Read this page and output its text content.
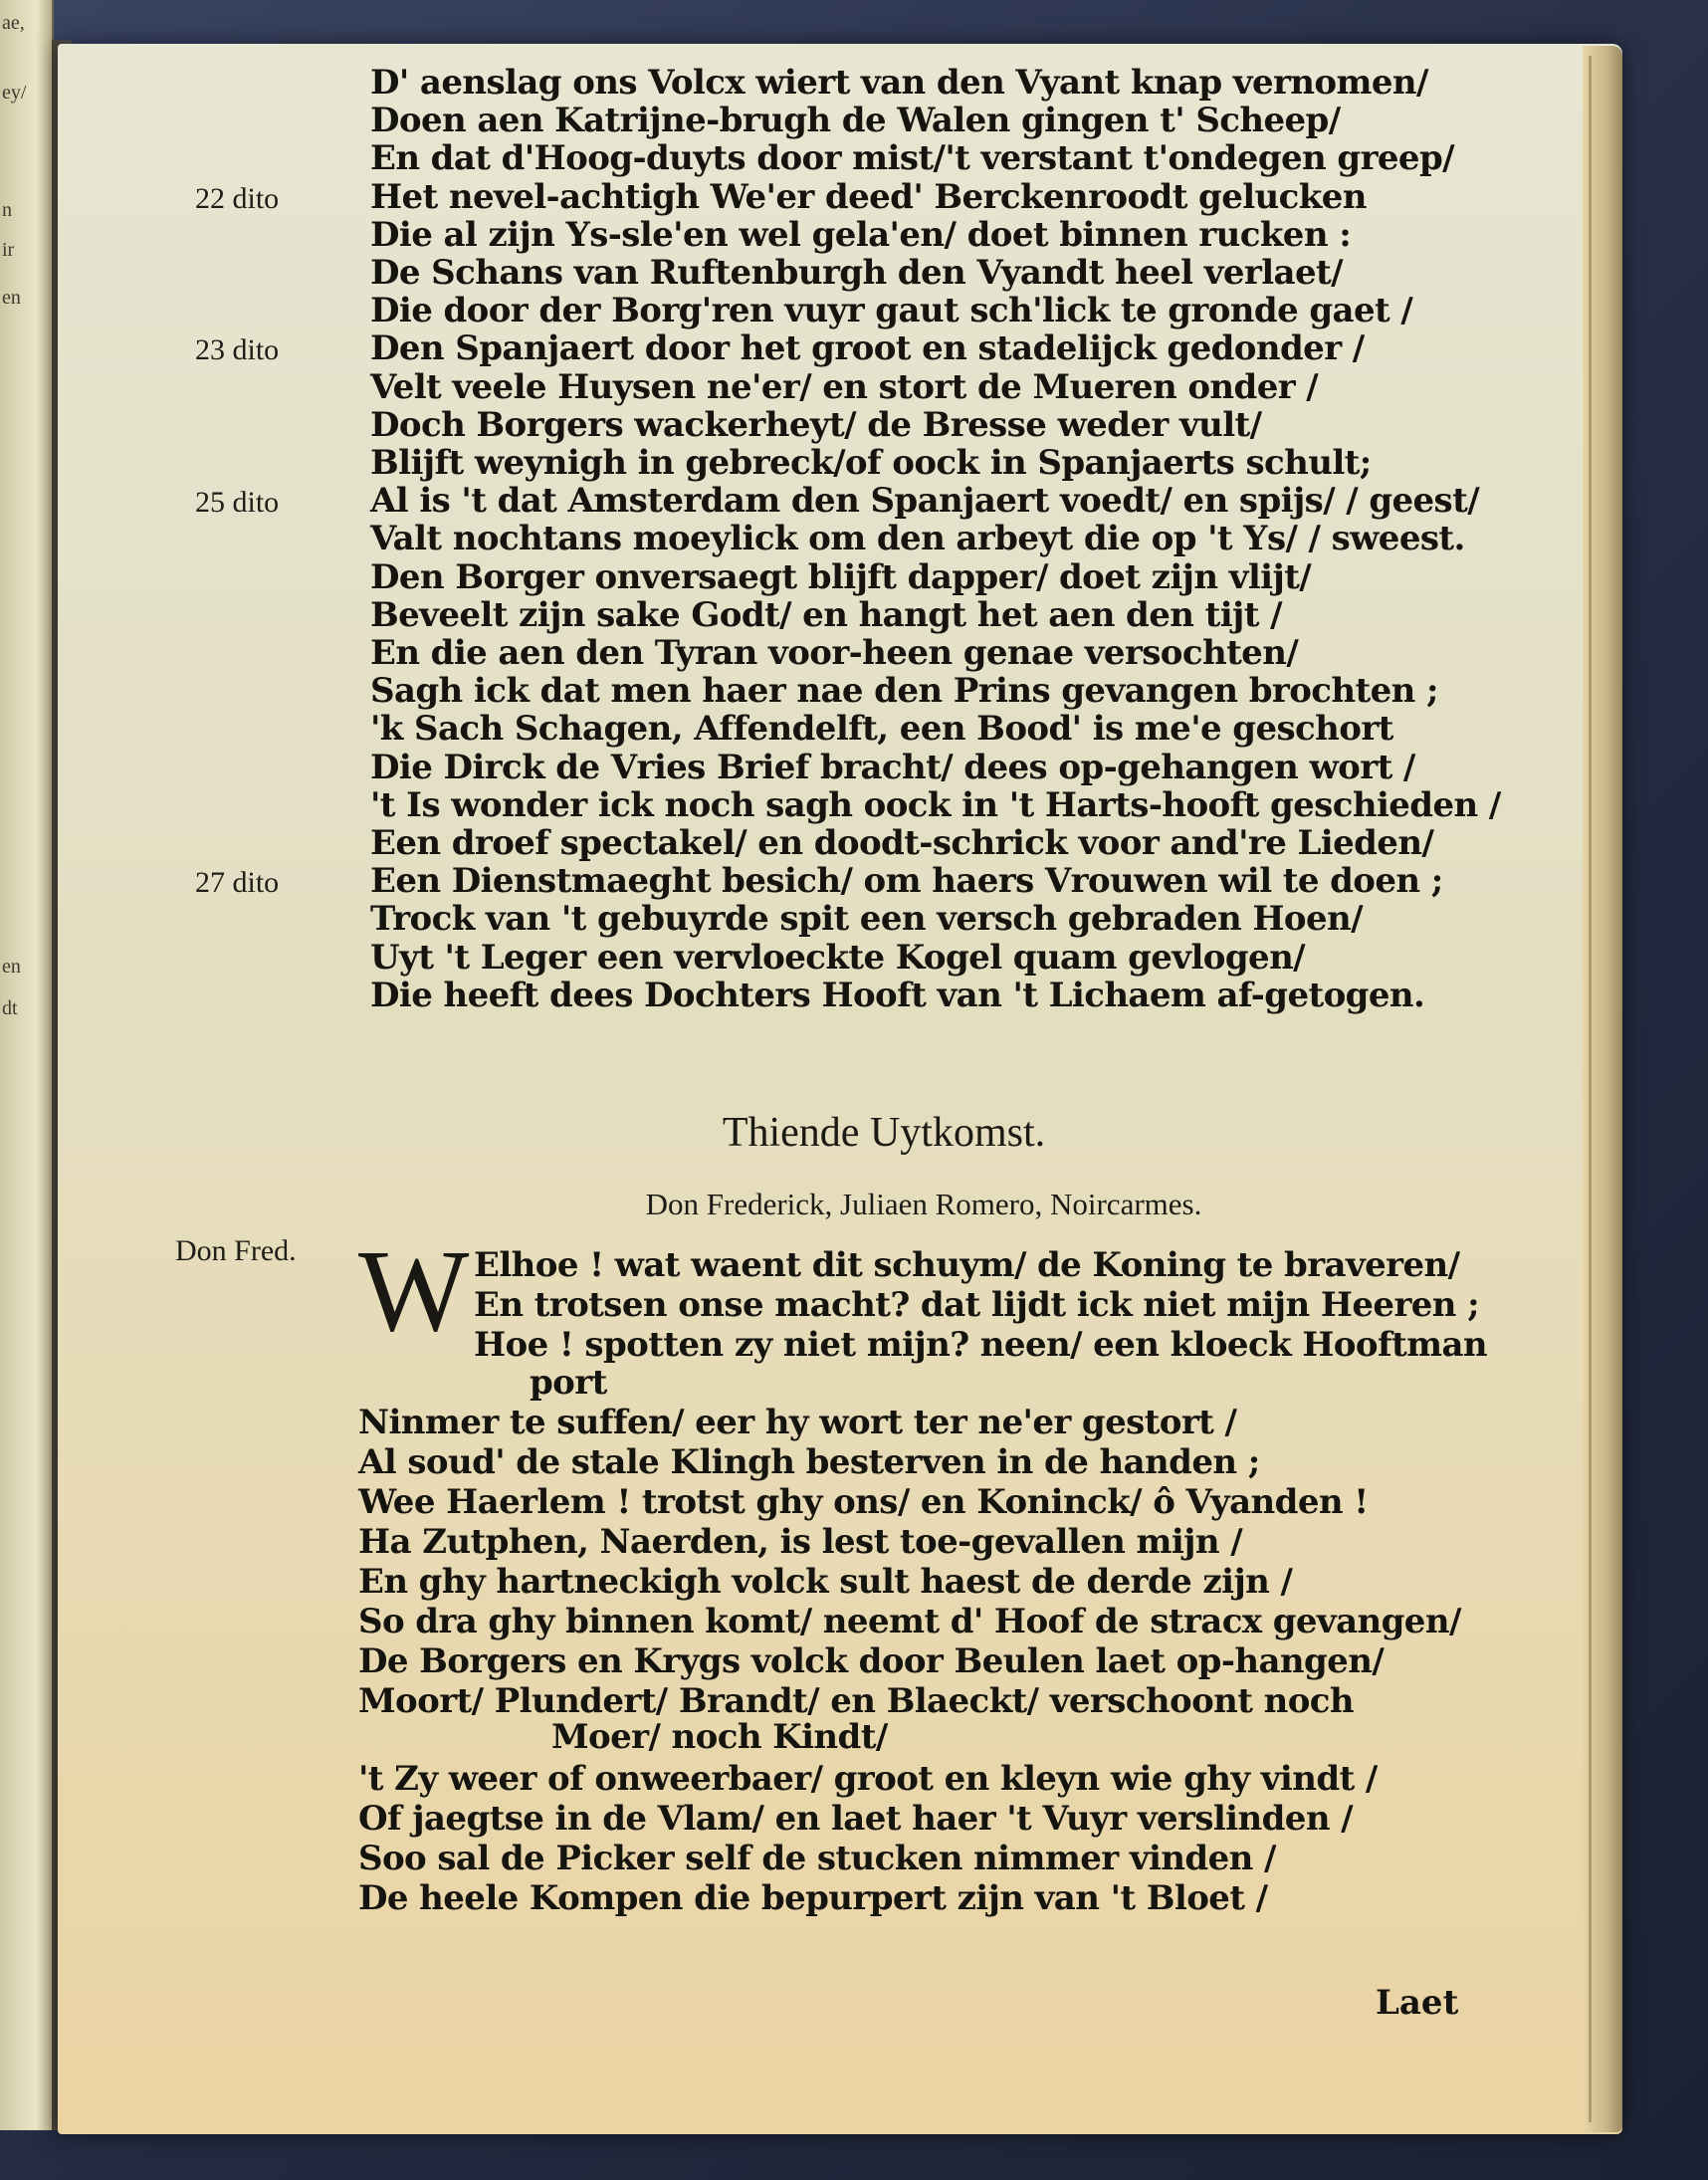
ae,
ey/
n
ir
en
en
dt
D' aenslag ons Volcx wiert van den Vyant knap vernomen/
Doen aen Katrijne-brugh de Walen gingen t' Scheep/
En dat d'Hoog-duyts door mist/'t verstant t'ondegen greep/
Het nevel-achtigh We'er deed' Berckenroodt gelucken
22 dito
Die al zijn Ys-sle'en wel gela'en/ doet binnen rucken :
De Schans van Ruftenburgh den Vyandt heel verlaet/
Die door der Borg'ren vuyr gaut sch'lick te gronde gaet /
Den Spanjaert door het groot en stadelijck gedonder /
23 dito
Velt veele Huysen ne'er/ en stort de Mueren onder /
Doch Borgers wackerheyt/ de Bresse weder vult/
Blijft weynigh in gebreck/of oock in Spanjaerts schult;
Al is 't dat Amsterdam den Spanjaert voedt/ en spijs/ / geest/
25 dito
Valt nochtans moeylick om den arbeyt die op 't Ys/ / sweest.
Den Borger onversaegt blijft dapper/ doet zijn vlijt/
Beveelt zijn sake Godt/ en hangt het aen den tijt /
En die aen den Tyran voor-heen genae versochten/
Sagh ick dat men haer nae den Prins gevangen brochten ;
'k Sach Schagen, Affendelft, een Bood' is me'e geschort
Die Dirck de Vries Brief bracht/ dees op-gehangen wort /
't Is wonder ick noch sagh oock in 't Harts-hooft geschieden /
Een droef spectakel/ en doodt-schrick voor and're Lieden/
Een Dienstmaeght besich/ om haers Vrouwen wil te doen ;
27 dito
Trock van 't gebuyrde spit een versch gebraden Hoen/
Uyt 't Leger een vervloeckte Kogel quam gevlogen/
Die heeft dees Dochters Hooft van 't Lichaem af-getogen.
Thiende Uytkomst.
Don Frederick, Juliaen Romero, Noircarmes.
Don Fred. W Elhoe ! wat waent dit schuym/ de Koning te braveren/
En trotsen onse macht? dat lijdt ick niet mijn Heeren ;
Hoe ! spotten zy niet mijn? neen/ een kloeck Hooftman
port
Ninmer te suffen/ eer hy wort ter ne'er gestort /
Al soud' de stale Klingh besterven in de handen ;
Wee Haerlem ! trotst ghy ons/ en Koninck/ ô Vyanden !
Ha Zutphen, Naerden, is lest toe-gevallen mijn /
En ghy hartneckigh volck sult haest de derde zijn /
So dra ghy binnen komt/ neemt d' Hoof de stracx gevangen/
De Borgers en Krygs volck door Beulen laet op-hangen/
Moort/ Plundert/ Brandt/ en Blaeckt/ verschoont noch
Moer/ noch Kindt/
't Zy weer of onweerbaer/ groot en kleyn wie ghy vindt /
Of jaegtse in de Vlam/ en laet haer 't Vuyr verslinden /
Soo sal de Picker self de stucken nimmer vinden /
De heele Kompen die bepurpert zijn van 't Bloet /
Laet
